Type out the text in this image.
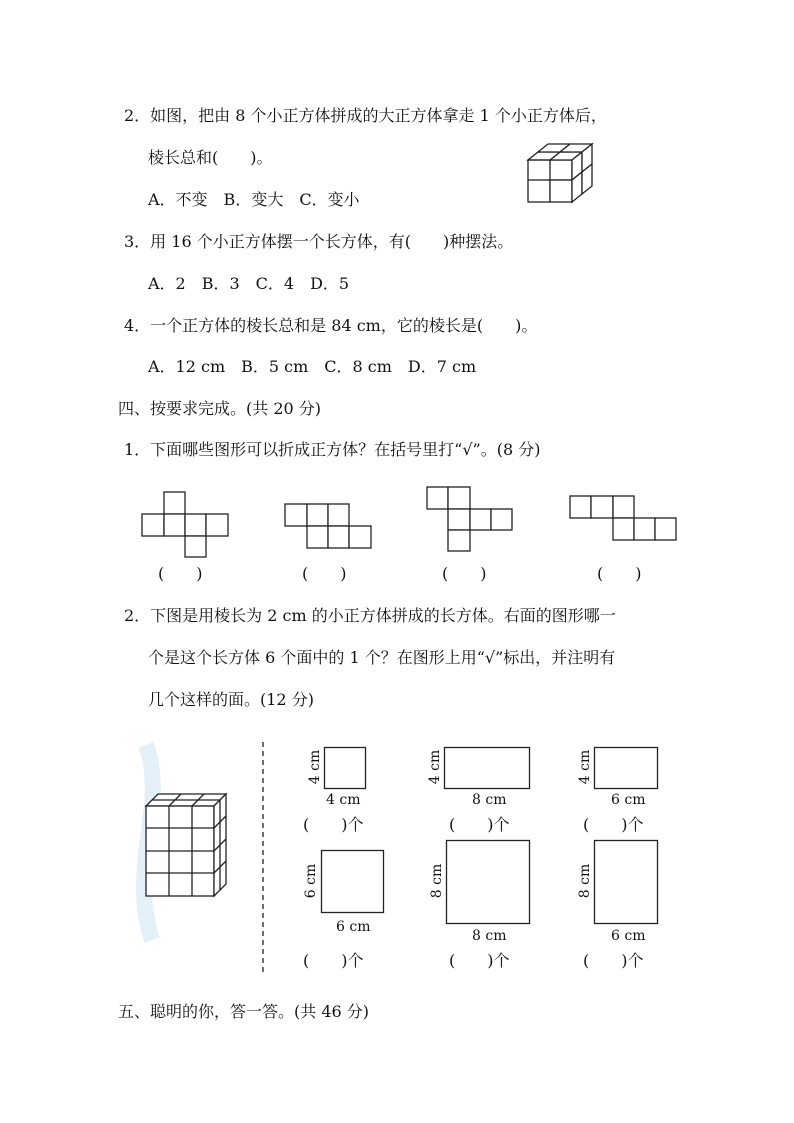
2．如图，把由 8 个小正方体拼成的大正方体拿走 1 个小正方体后，
棱长总和(　　)。
A．不变　B．变大　C．变小
3．用 16 个小正方体摆一个长方体，有(　　)种摆法。
A．2　B．3　C．4　D．5
4．一个正方体的棱长总和是 84 cm，它的棱长是(　　)。
A．12 cm　B．5 cm　C．8 cm　D．7 cm
四、按要求完成。(共 20 分)
1．下面哪些图形可以折成正方体？在括号里打“√”。(8 分)
(　　)	(　　)	(　　)	(　　)
2．下图是用棱长为 2 cm 的小正方体拼成的长方体。右面的图形哪一
个是这个长方体 6 个面中的 1 个？在图形上用“√”标出，并注明有
几个这样的面。(12 分)
4 cm
4 cm
(　　)个
4 cm
8 cm
(　　)个
4 cm
6 cm
(　　)个
6 cm
6 cm
(　　)个
8 cm
8 cm
(　　)个
8 cm
6 cm
(　　)个
五、聪明的你，答一答。(共 46 分)
